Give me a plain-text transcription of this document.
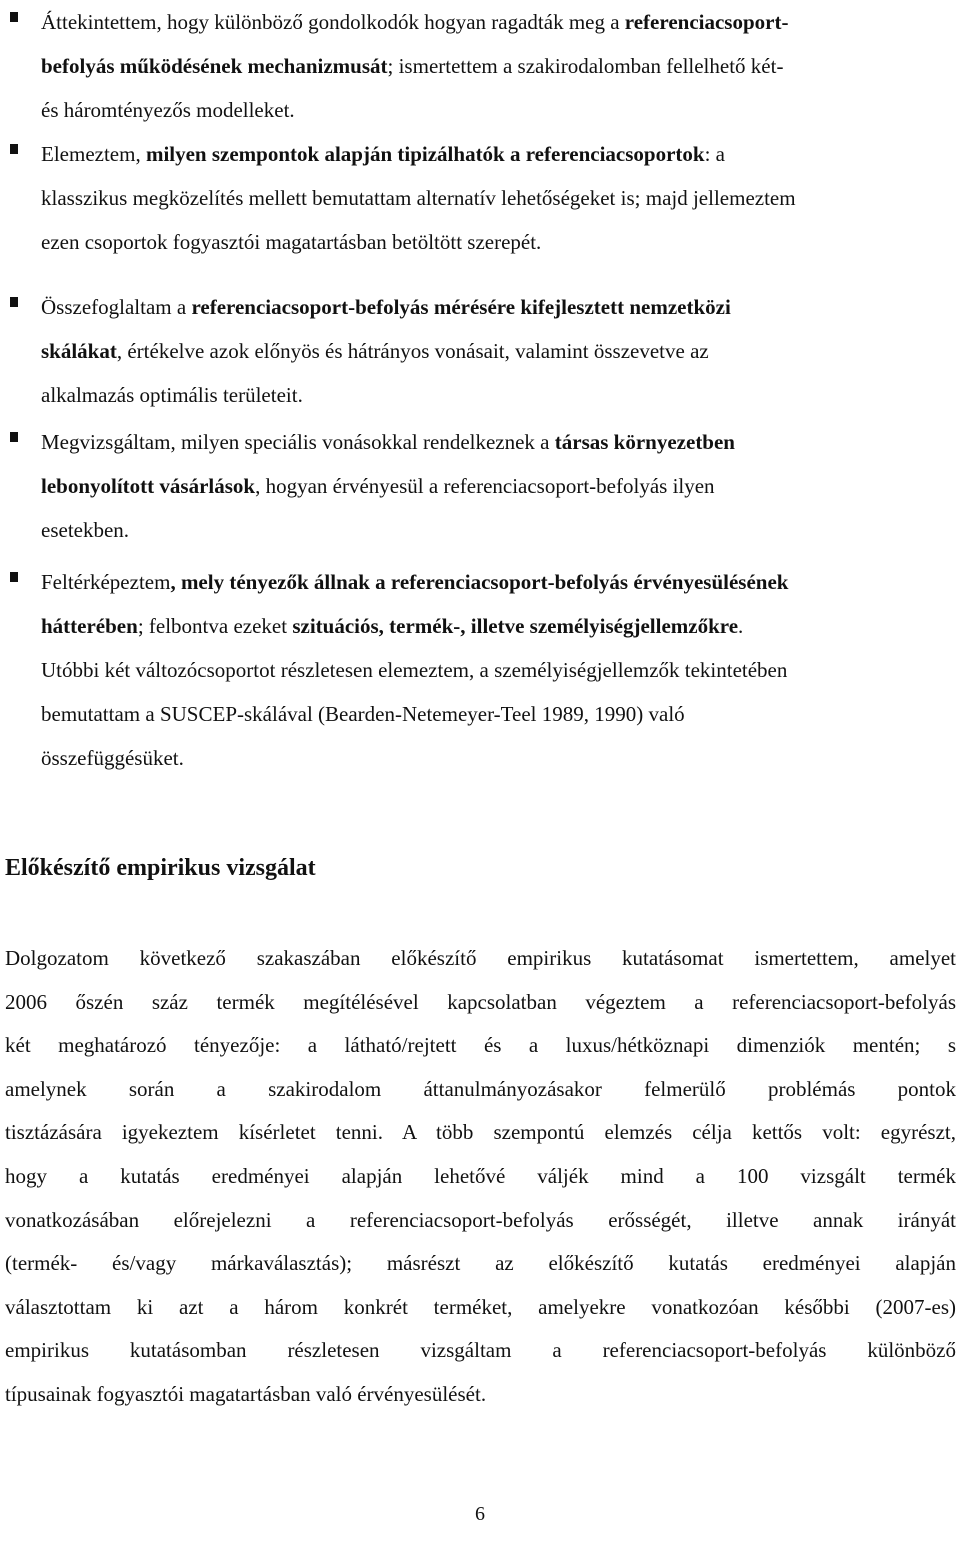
Áttekintettem, hogy különböző gondolkodók hogyan ragadták meg a referenciacsoport-
befolyás működésének mechanizmusát; ismertettem a szakirodalomban fellelhető két-
és háromtényezős modelleket.
Elemeztem, milyen szempontok alapján tipizálhatók a referenciacsoportok: a
klasszikus megközelítés mellett bemutattam alternatív lehetőségeket is; majd jellemeztem
ezen csoportok fogyasztói magatartásban betöltött szerepét.
Összefoglaltam a referenciacsoport-befolyás mérésére kifejlesztett nemzetközi
skálákat, értékelve azok előnyös és hátrányos vonásait, valamint összevetve az
alkalmazás optimális területeit.
Megvizsgáltam, milyen speciális vonásokkal rendelkeznek a társas környezetben
lebonyolított vásárlások, hogyan érvényesül a referenciacsoport-befolyás ilyen
esetekben.
Feltérképeztem, mely tényezők állnak a referenciacsoport-befolyás érvényesülésének
hátterében; felbontva ezeket szituációs, termék-, illetve személyiségjellemzőkre.
Utóbbi két változócsoportot részletesen elemeztem, a személyiségjellemzők tekintetében
bemutattam a SUSCEP-skálával (Bearden-Netemeyer-Teel 1989, 1990) való
összefüggésüket.
Előkészítő empirikus vizsgálat
Dolgozatom következő szakaszában előkészítő empirikus kutatásomat ismertettem, amelyet
2006 őszén száz termék megítélésével kapcsolatban végeztem a referenciacsoport-befolyás
két meghatározó tényezője: a látható/rejtett és a luxus/hétköznapi dimenziók mentén; s
amelynek során a szakirodalom áttanulmányozásakor felmerülő problémás pontok
tisztázására igyekeztem kísérletet tenni. A több szempontú elemzés célja kettős volt: egyrészt,
hogy a kutatás eredményei alapján lehetővé váljék mind a 100 vizsgált termék
vonatkozásában előrejelezni a referenciacsoport-befolyás erősségét, illetve annak irányát
(termék- és/vagy márkaválasztás); másrészt az előkészítő kutatás eredményei alapján
választottam ki azt a három konkrét terméket, amelyekre vonatkozóan későbbi (2007-es)
empirikus kutatásomban részletesen vizsgáltam a referenciacsoport-befolyás különböző
típusainak fogyasztói magatartásban való érvényesülését.
6
